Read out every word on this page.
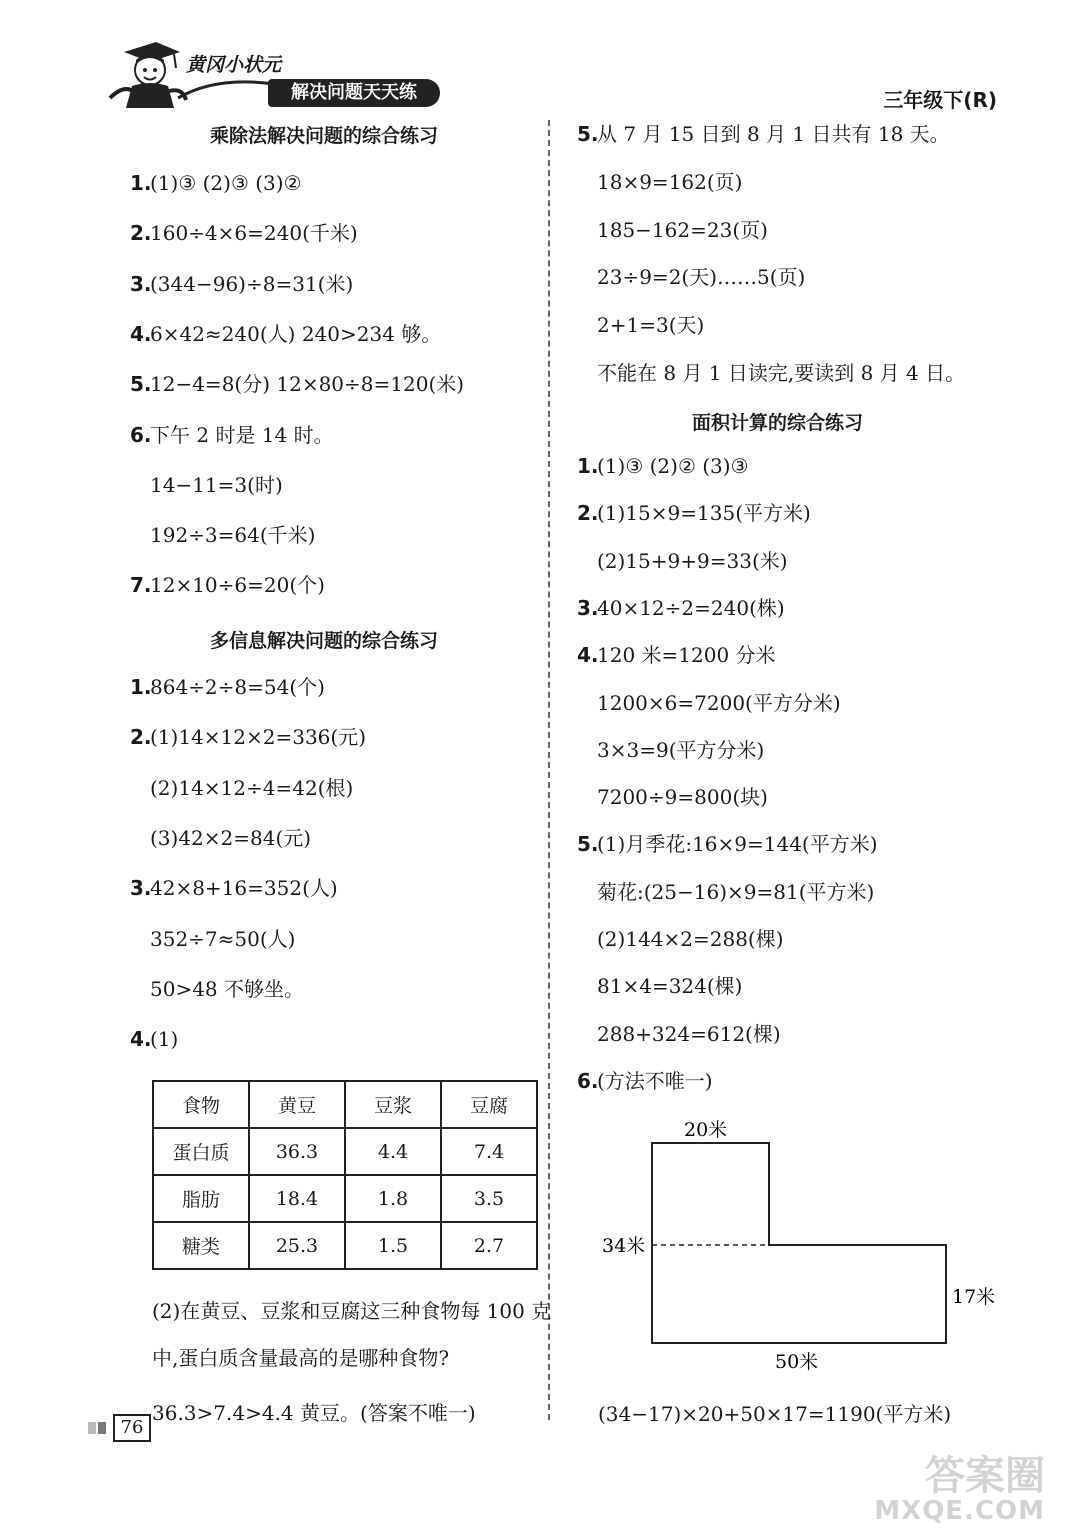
黄冈小状元
解决问题天天练	三年级下(R)
乘除法解决问题的综合练习
1.
(1)③ (2)③ (3)②
2.
160÷4×6=240(千米)
3.
(344−96)÷8=31(米)
4.
6×42≈240(人) 240>234 够。
5.
12−4=8(分) 12×80÷8=120(米)
6.
下午 2 时是 14 时。
14−11=3(时)
192÷3=64(千米)
7.
12×10÷6=20(个)
多信息解决问题的综合练习
1.
864÷2÷8=54(个)
2.
(1)14×12×2=336(元)
(2)14×12÷4=42(根)
(3)42×2=84(元)
3.
42×8+16=352(人)
352÷7≈50(人)
50>48 不够坐。
4.
(1)
食物	黄豆	豆浆	豆腐
蛋白质	36.3	4.4	7.4
脂肪	18.4	1.8	3.5
糖类	25.3	1.5	2.7
(2)在黄豆、豆浆和豆腐这三种食物每 100 克
中,蛋白质含量最高的是哪种食物?
36.3>7.4>4.4 黄豆。(答案不唯一)
5.
从 7 月 15 日到 8 月 1 日共有 18 天。
18×9=162(页)
185−162=23(页)
23÷9=2(天)……5(页)
2+1=3(天)
不能在 8 月 1 日读完,要读到 8 月 4 日。
面积计算的综合练习
1.
(1)③ (2)② (3)③
2.
(1)15×9=135(平方米)
(2)15+9+9=33(米)
3.
40×12÷2=240(株)
4.
120 米=1200 分米
1200×6=7200(平方分米)
3×3=9(平方分米)
7200÷9=800(块)
5.
(1)月季花:16×9=144(平方米)
菊花:(25−16)×9=81(平方米)
(2)144×2=288(棵)
81×4=324(棵)
288+324=612(棵)
6.
(方法不唯一)
20米
34米
17米
50米
(34−17)×20+50×17=1190(平方米)
76
答案圈
MXQE.COM
